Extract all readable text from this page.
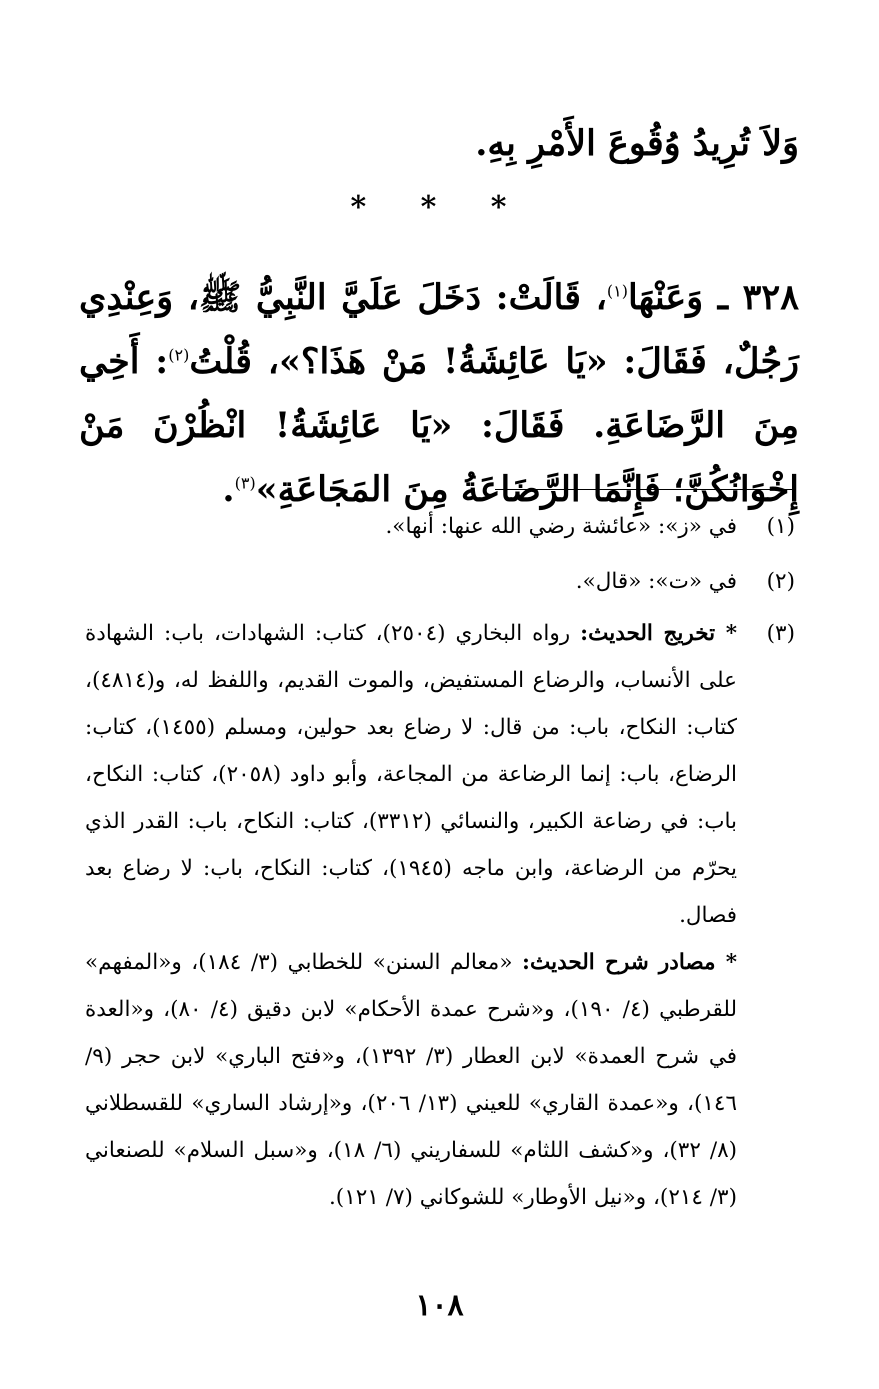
وَلاَ تُرِيدُ وُقُوعَ الأَمْرِ بِهِ.

* * *

٣٢٨ ـ وَعَنْهَا$^{(١)}$، قَالَتْ: دَخَلَ عَلَيَّ النَّبِيُّ ﷺ، وَعِنْدِي رَجُلٌ، فَقَالَ: «يَا عَائِشَةُ! مَنْ هَذَا؟»، قُلْتُ$^{(٢)}$: أَخِي مِنَ الرَّضَاعَةِ. فَقَالَ: «يَا عَائِشَةُ! انْظُرْنَ مَنْ إِخْوَانُكُنَّ؛ فَإِنَّمَا الرَّضَاعَةُ مِنَ المَجَاعَةِ»$^{(٣)}$.

(١)
في «ز»: «عائشة رضي الله عنها: أنها».
(٢)
في «ت»: «قال».
(٣)
* تخريج الحديث: رواه البخاري (٢٥٠٤)، كتاب: الشهادات، باب: الشهادة على الأنساب، والرضاع المستفيض، والموت القديم، واللفظ له، و(٤٨١٤)، كتاب: النكاح، باب: من قال: لا رضاع بعد حولين، ومسلم (١٤٥٥)، كتاب: الرضاع، باب: إنما الرضاعة من المجاعة، وأبو داود (٢٠٥٨)، كتاب: النكاح، باب: في رضاعة الكبير، والنسائي (٣٣١٢)، كتاب: النكاح، باب: القدر الذي يحرّم من الرضاعة، وابن ماجه (١٩٤٥)، كتاب: النكاح، باب: لا رضاع بعد فصال.
* مصادر شرح الحديث: «معالم السنن» للخطابي (٣/ ١٨٤)، و«المفهم» للقرطبي (٤/ ١٩٠)، و«شرح عمدة الأحكام» لابن دقيق (٤/ ٨٠)، و«العدة في شرح العمدة» لابن العطار (٣/ ١٣٩٢)، و«فتح الباري» لابن حجر (٩/ ١٤٦)، و«عمدة القاري» للعيني (١٣/ ٢٠٦)، و«إرشاد الساري» للقسطلاني (٨/ ٣٢)، و«كشف اللثام» للسفاريني (٦/ ١٨)، و«سبل السلام» للصنعاني (٣/ ٢١٤)، و«نيل الأوطار» للشوكاني (٧/ ١٢١).
١٠٨
